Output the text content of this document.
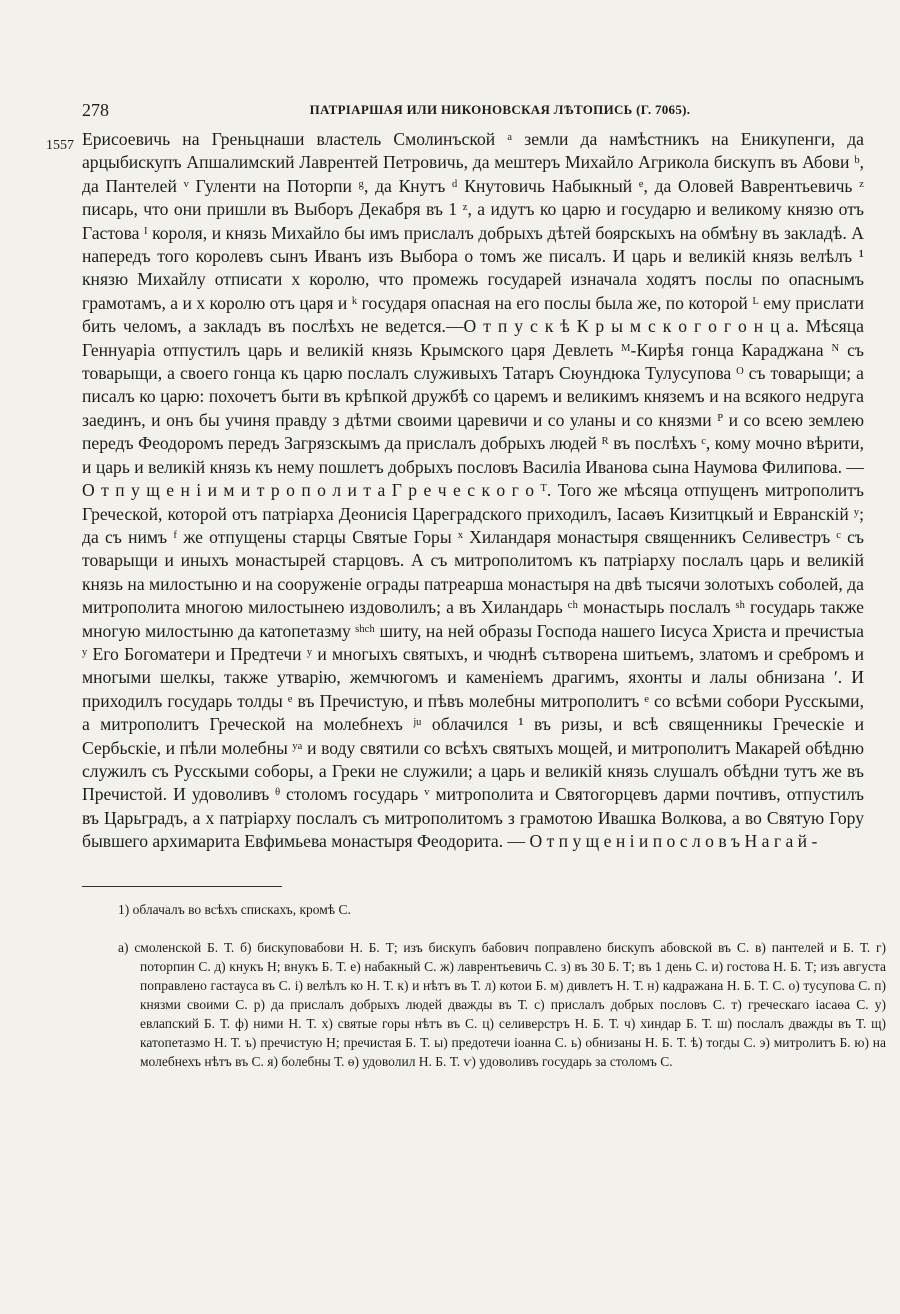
278	ПАТРІАРШАЯ ИЛИ НИКОНОВСКАЯ ЛѢТОПИСЬ (Г. 7065).
1557 Ерисоевичь на Греньцнаши властель Смолинъской ᵃ земли да намѣстникъ на Еникупенги, да арцыбискупъ Апшалимский Лаврентей Петровичь, да мештеръ Михайло Агрикола бискупъ въ Абови ᵇ, да Пантелей ᵛ Гуленти на Поторпи ᵍ, да Кнутъ ᵈ Кнутовичь Набыкный ᵉ, да Оловей Ваврентьевичь ᶻ писарь, что они пришли въ Выборъ Декабря въ 1 ᶻ, а идутъ ко царю и государю и великому князю отъ Гастова ᴵ короля, и князь Михайло бы имъ прислалъ добрыхъ дѣтей боярскыхъ на обмѣну въ закладѣ. А напередъ того королевъ сынъ Иванъ изъ Выбора о томъ же писалъ. И царь и великій князь велѣлъ ¹ князю Михайлу отписати х королю, что промежь государей изначала ходятъ послы по опаснымъ грамотамъ, а и х королю отъ царя и ᵏ государя опасная на его послы была же, по которой ᴸ ему прислати бить челомъ, а закладъ въ послѣхъ не ведется.—О т п у с к ѣ К р ы м с к о г о г о н ц а. Мѣсяца Геннуаріа отпустилъ царь и великій князь Крымского царя Девлеть ᴹ-Кирѣя гонца Караджана ᴺ съ товарыщи, а своего гонца къ царю послалъ служивыхъ Татаръ Сюундюка Тулусупова ᴼ съ товарыщи; а писалъ ко царю: похочетъ быти въ крѣпкой дружбѣ со царемъ и великимъ княземъ и на всякого недруга заединъ, и онъ бы учиня правду з дѣтми своими царевичи и со уланы и со князми ᴾ и со всею землею передъ Феодоромъ передъ Загрязскымъ да прислалъ добрыхъ людей ᴿ въ послѣхъ ᶜ, кому мочно вѣрити, и царь и великій князь къ нему пошлетъ добрыхъ пословъ Василіа Иванова сына Наумова Филипова. — О т п у щ е н і и м и т р о п о л и т а Г р е ч е с к о г о ᵀ. Того же мѣсяца отпущенъ митрополитъ Греческой, которой отъ патріарха Деонисія Цареградского приходилъ, Іасаѳъ Кизитцкый и Евранскій ʸ; да съ нимъ ᶠ же отпущены старцы Святые Горы ˣ Хиландаря монастыря священникъ Селивестръ ᶜ съ товарыщи и иныхъ монастырей старцовъ. А съ митрополитомъ къ патріарху послалъ царь и великій князь на милостыню и на сооруженіе ограды патреарша монастыря на двѣ тысячи золотыхъ соболей, да митрополита многою милостынею издоволилъ; а въ Хиландарь ᶜʰ монастырь послалъ ˢʰ государь также многую милостыню да катопетазму ˢʰᶜʰ шиту, на ней образы Господа нашего Іисуса Христа и пречистыа ʸ Его Богоматери и Предтечи ʸ и многыхъ святыхъ, и чюднѣ сътворена шитьемъ, златомъ и сребромъ и многыми шелкы, также утварію, жемчюгомъ и каменіемъ драгимъ, яхонты и лалы обнизана ʹ. И приходилъ государь толды ᵉ въ Пречистую, и пѣвъ молебны митрополитъ ᵉ со всѣми собори Русскыми, а митрополитъ Греческой на молебнехъ ʲᵘ облачился ¹ въ ризы, и всѣ священникы Греческіе и Сербьскіе, и пѣли молебны ʸᵃ и воду святили со всѣхъ святыхъ мощей, и митрополитъ Макарей обѣдню служилъ съ Русскыми соборы, а Греки не служили; а царь и великій князь слушалъ обѣдни тутъ же въ Пречистой. И удоволивъ ᶿ столомъ государь ᵛ митрополита и Святогорцевъ дарми почтивъ, отпустилъ въ Царьградъ, а х патріарху послалъ съ митрополитомъ з грамотою Ивашка Волкова, а во Святую Гору бывшего архимарита Евфимьева монастыря Феодорита. — О т п у щ е н і и п о с л о в ъ Н а г а й -

1) облачалъ во всѣхъ спискахъ, кромѣ С.

а) смоленской Б. Т. б) бискуповабови Н. Б. Т; изъ бискупъ бабович поправлено бискупъ абовской въ С. в) пантелей и Б. Т. г) поторпин С. д) кнукъ Н; внукъ Б. Т. е) набакный С. ж) лаврентьевичь С. з) въ 30 Б. Т; въ 1 день С. и) гостова Н. Б. Т; изъ августа поправлено гастауса въ С. і) велѣлъ ко Н. Т. к) и нѣтъ въ Т. л) котои Б. м) дивлетъ Н. Т. н) кадражана Н. Б. Т. С. о) тусупова С. п) князми своими С. р) да прислалъ добрыхъ людей дважды въ Т. с) прислалъ добрых пословъ С. т) греческаго іасаѳа С. у) евлапский Б. Т. ф) ними Н. Т. х) святые горы нѣтъ въ С. ц) селиверстръ Н. Б. Т. ч) хиндар Б. Т. ш) послалъ дважды въ Т. щ) катопетазмо Н. Т. ъ) пречистую Н; пречистая Б. Т. ы) предотечи іоанна С. ь) обнизаны Н. Б. Т. ѣ) тогды С. э) митролитъ Б. ю) на молебнехъ нѣтъ въ С. я) болебны Т. ѳ) удоволил Н. Б. Т. ѵ) удоволивъ государь за столомъ С.
